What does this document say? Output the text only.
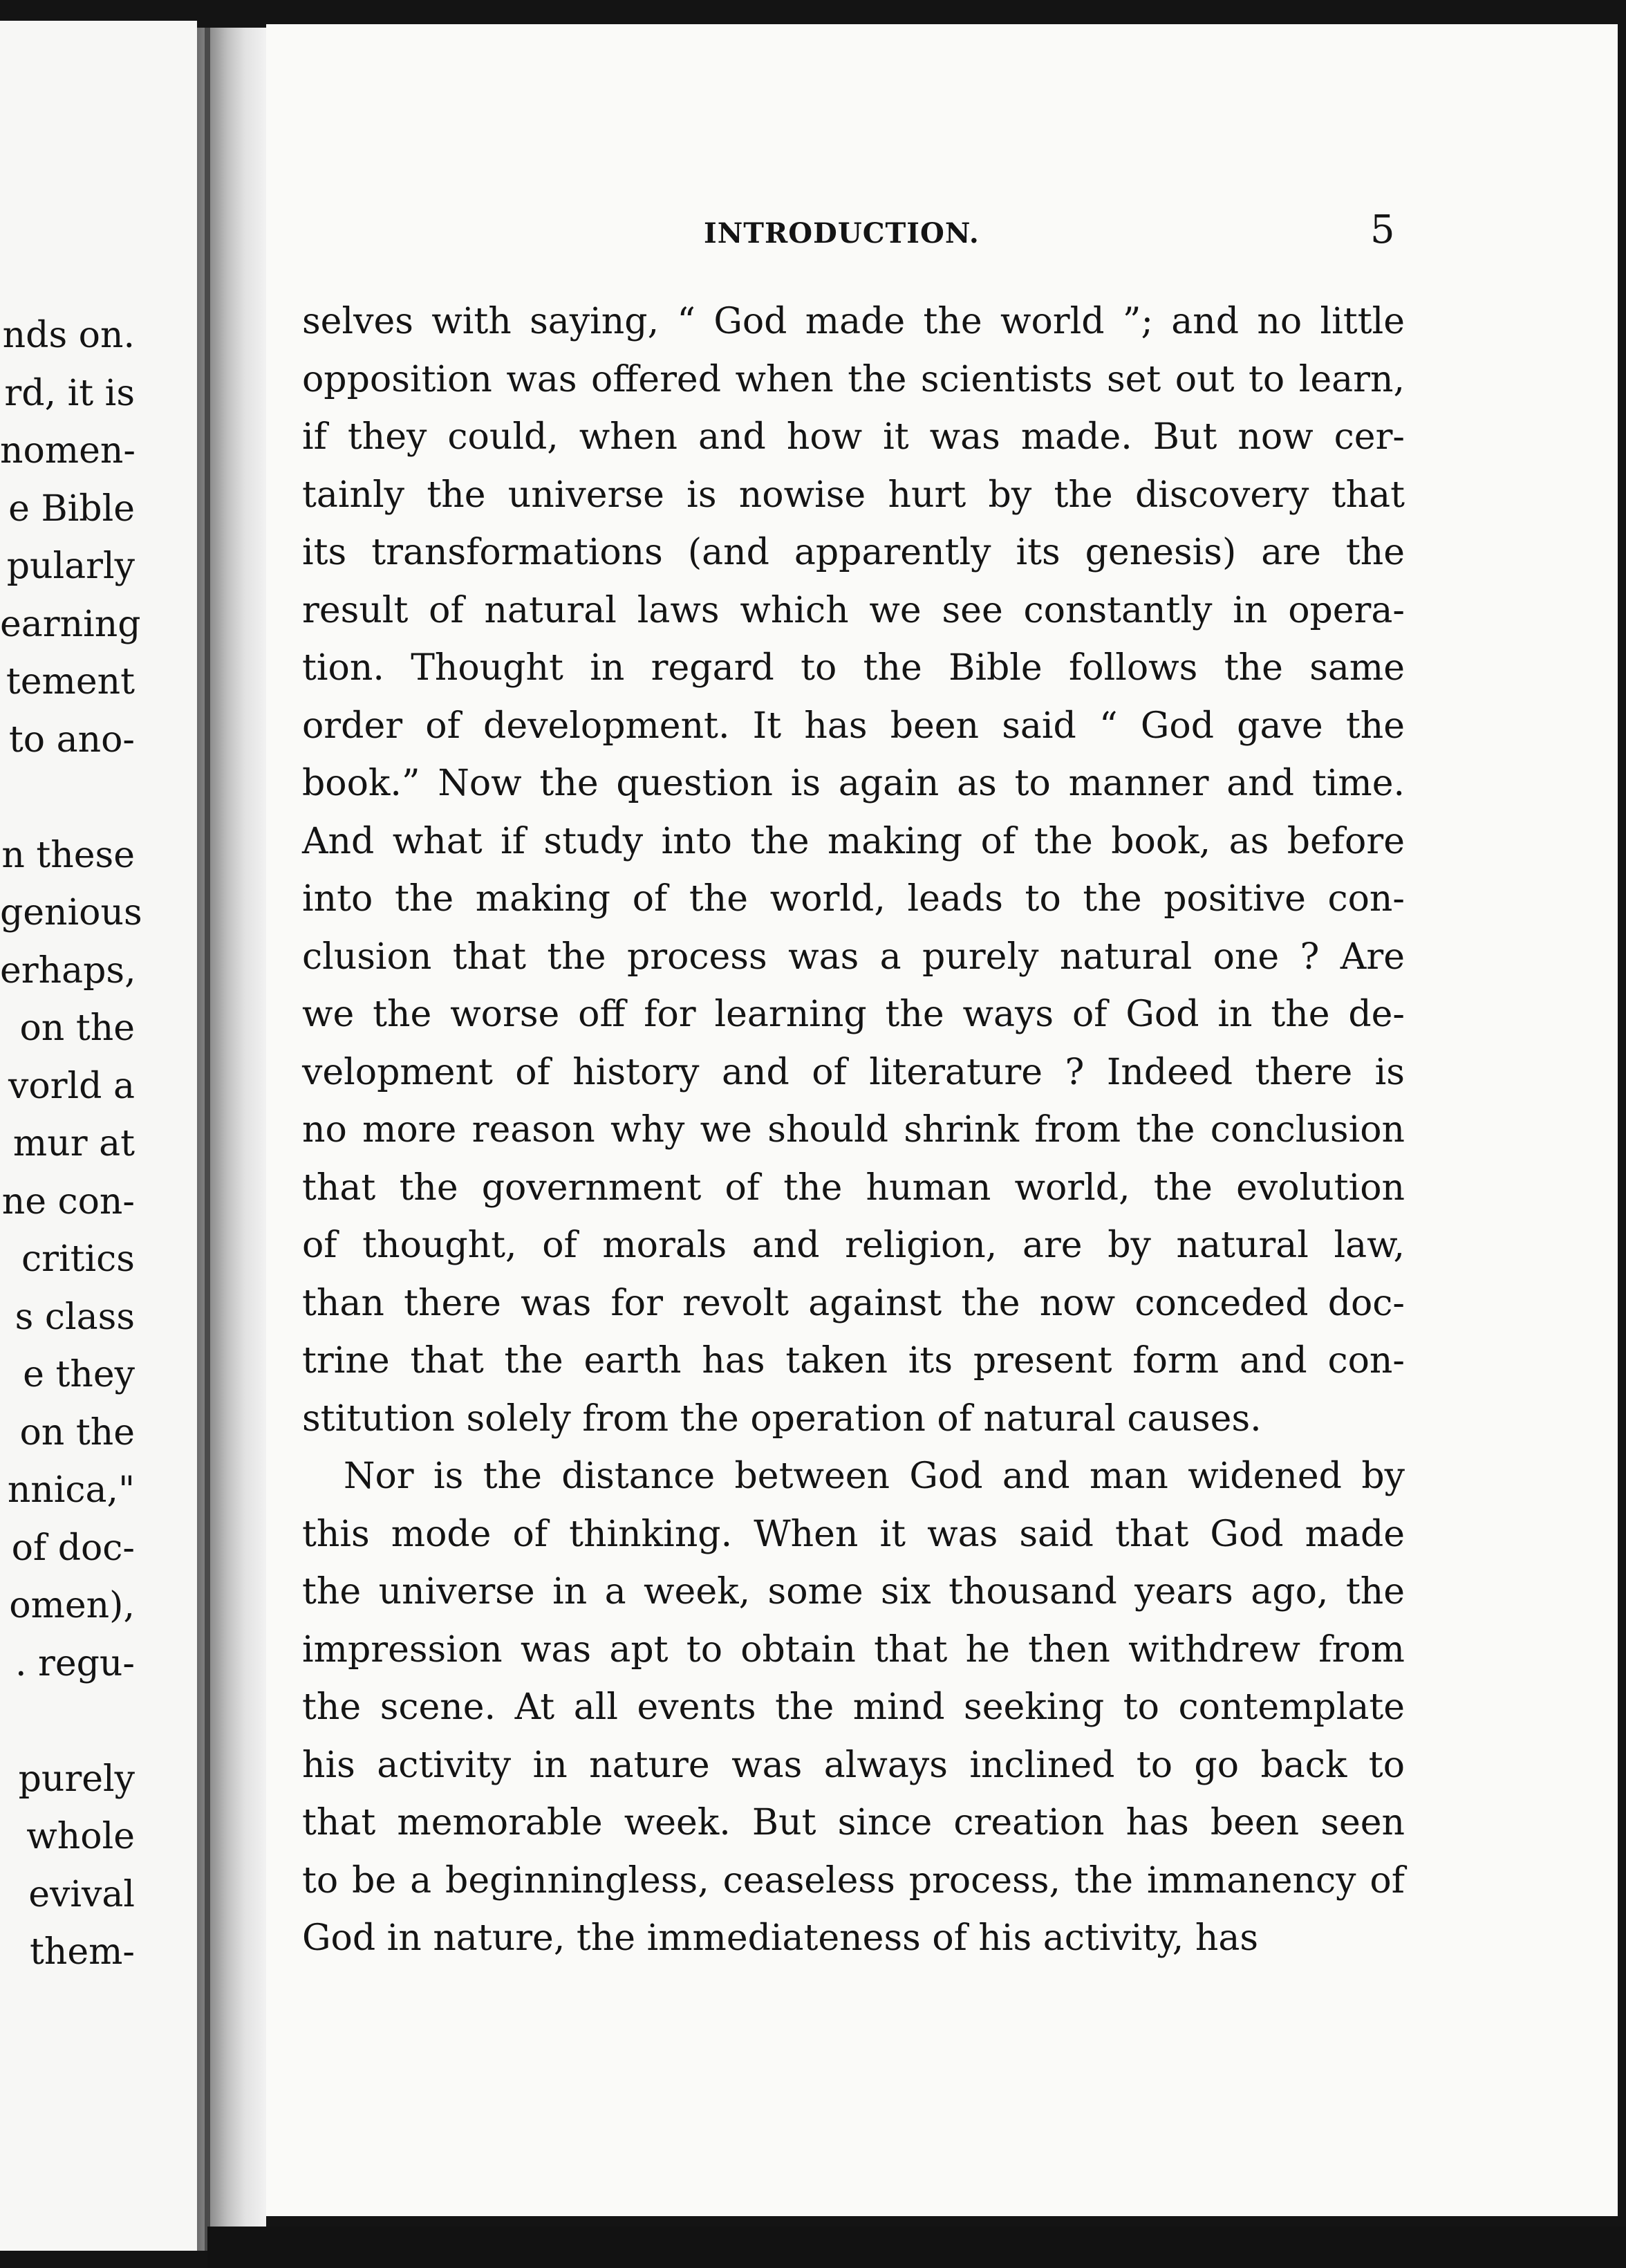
nds on.
rd, it is
nomen-
e Bible
pularly
earning
tement
to ano-
n these
genious
erhaps,
on the
vorld a
mur at
ne con-
critics
s class
e they
on the
nnica,"
of doc-
omen),
. regu-
purely
whole
evival
them-
INTRODUCTION.	5
selves with saying, “ God made the world ”; and no little
opposition was offered when the scientists set out to learn,
if they could, when and how it was made. But now cer-
tainly the universe is nowise hurt by the discovery that
its transformations (and apparently its genesis) are the
result of natural laws which we see constantly in opera-
tion. Thought in regard to the Bible follows the same
order of development. It has been said “ God gave the
book.” Now the question is again as to manner and time.
And what if study into the making of the book, as before
into the making of the world, leads to the positive con-
clusion that the process was a purely natural one ? Are
we the worse off for learning the ways of God in the de-
velopment of history and of literature ? Indeed there is
no more reason why we should shrink from the conclusion
that the government of the human world, the evolution
of thought, of morals and religion, are by natural law,
than there was for revolt against the now conceded doc-
trine that the earth has taken its present form and con-
stitution solely from the operation of natural causes.
Nor is the distance between God and man widened by
this mode of thinking. When it was said that God made
the universe in a week, some six thousand years ago, the
impression was apt to obtain that he then withdrew from
the scene. At all events the mind seeking to contemplate
his activity in nature was always inclined to go back to
that memorable week. But since creation has been seen
to be a beginningless, ceaseless process, the immanency of
God in nature, the immediateness of his activity, has
